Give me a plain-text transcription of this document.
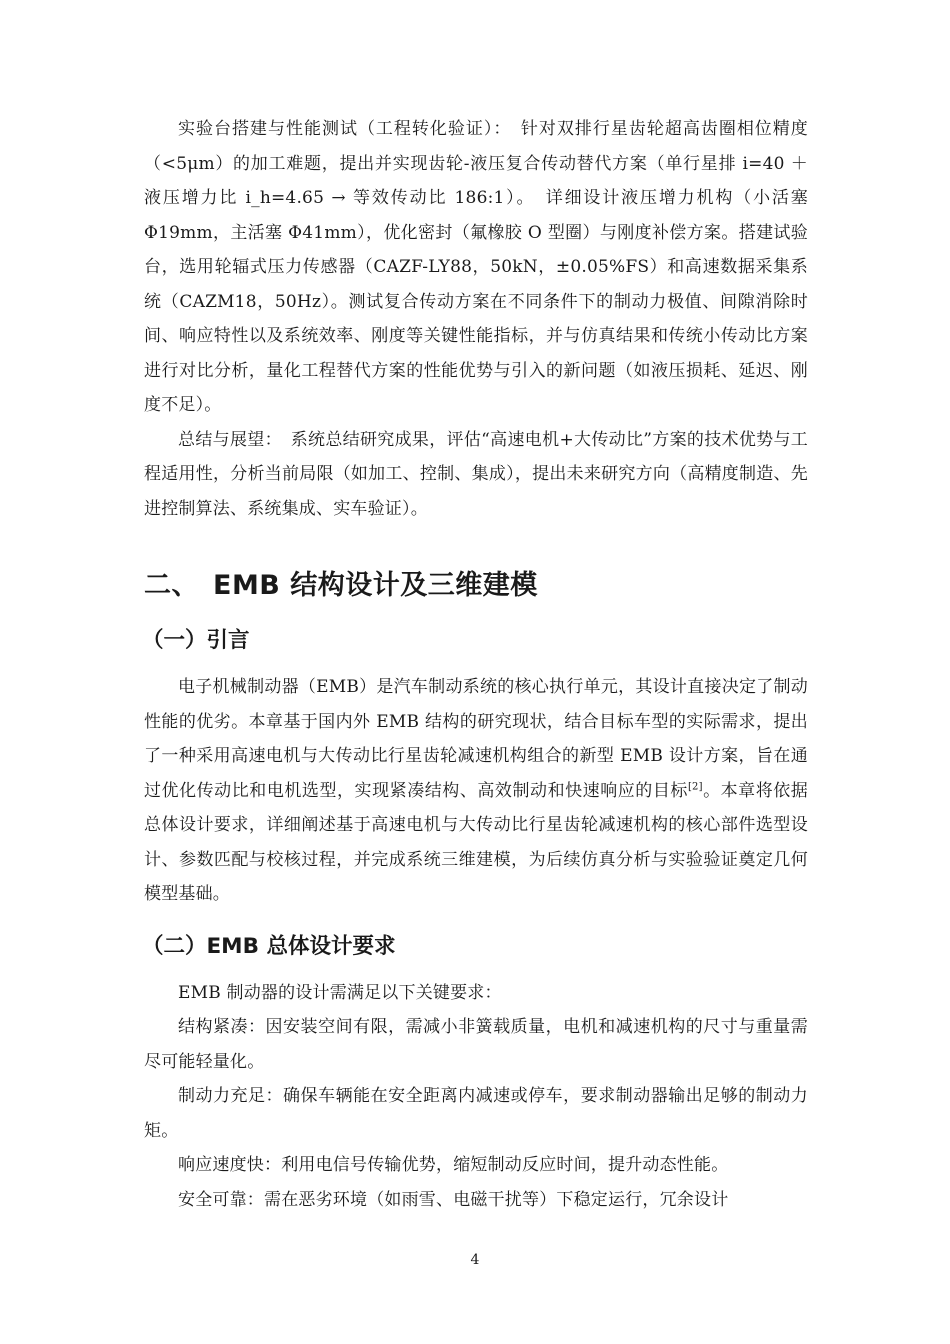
实验台搭建与性能测试（工程转化验证）：　针对双排行星齿轮超高齿圈相位精度（<5μm）的加工难题，提出并实现齿轮-液压复合传动替代方案（单行星排 i=40 ＋ 液压增力比 i_h=4.65 → 等效传动比 186:1）。　详细设计液压增力机构（小活塞 Φ19mm，主活塞 Φ41mm），优化密封（氟橡胶 O 型圈）与刚度补偿方案。搭建试验台，选用轮辐式压力传感器（CAZF-LY88，50kN，±0.05%FS）和高速数据采集系统（CAZM18，50Hz）。测试复合传动方案在不同条件下的制动力极值、间隙消除时间、响应特性以及系统效率、刚度等关键性能指标，并与仿真结果和传统小传动比方案进行对比分析，量化工程替代方案的性能优势与引入的新问题（如液压损耗、延迟、刚度不足）。

总结与展望：　系统总结研究成果，评估“高速电机+大传动比”方案的技术优势与工程适用性，分析当前局限（如加工、控制、集成），提出未来研究方向（高精度制造、先进控制算法、系统集成、实车验证）。

二、　EMB 结构设计及三维建模
（一）引言

电子机械制动器（EMB）是汽车制动系统的核心执行单元，其设计直接决定了制动性能的优劣。本章基于国内外 EMB 结构的研究现状，结合目标车型的实际需求，提出了一种采用高速电机与大传动比行星齿轮减速机构组合的新型 EMB 设计方案，旨在通过优化传动比和电机选型，实现紧凑结构、高效制动和快速响应的目标[2]。本章将依据总体设计要求，详细阐述基于高速电机与大传动比行星齿轮减速机构的核心部件选型设计、参数匹配与校核过程，并完成系统三维建模，为后续仿真分析与实验验证奠定几何模型基础。

（二）EMB 总体设计要求

EMB 制动器的设计需满足以下关键要求：

结构紧凑：因安装空间有限，需减小非簧载质量，电机和减速机构的尺寸与重量需尽可能轻量化。

制动力充足：确保车辆能在安全距离内减速或停车，要求制动器输出足够的制动力矩。

响应速度快：利用电信号传输优势，缩短制动反应时间，提升动态性能。

安全可靠：需在恶劣环境（如雨雪、电磁干扰等）下稳定运行，冗余设计

4
